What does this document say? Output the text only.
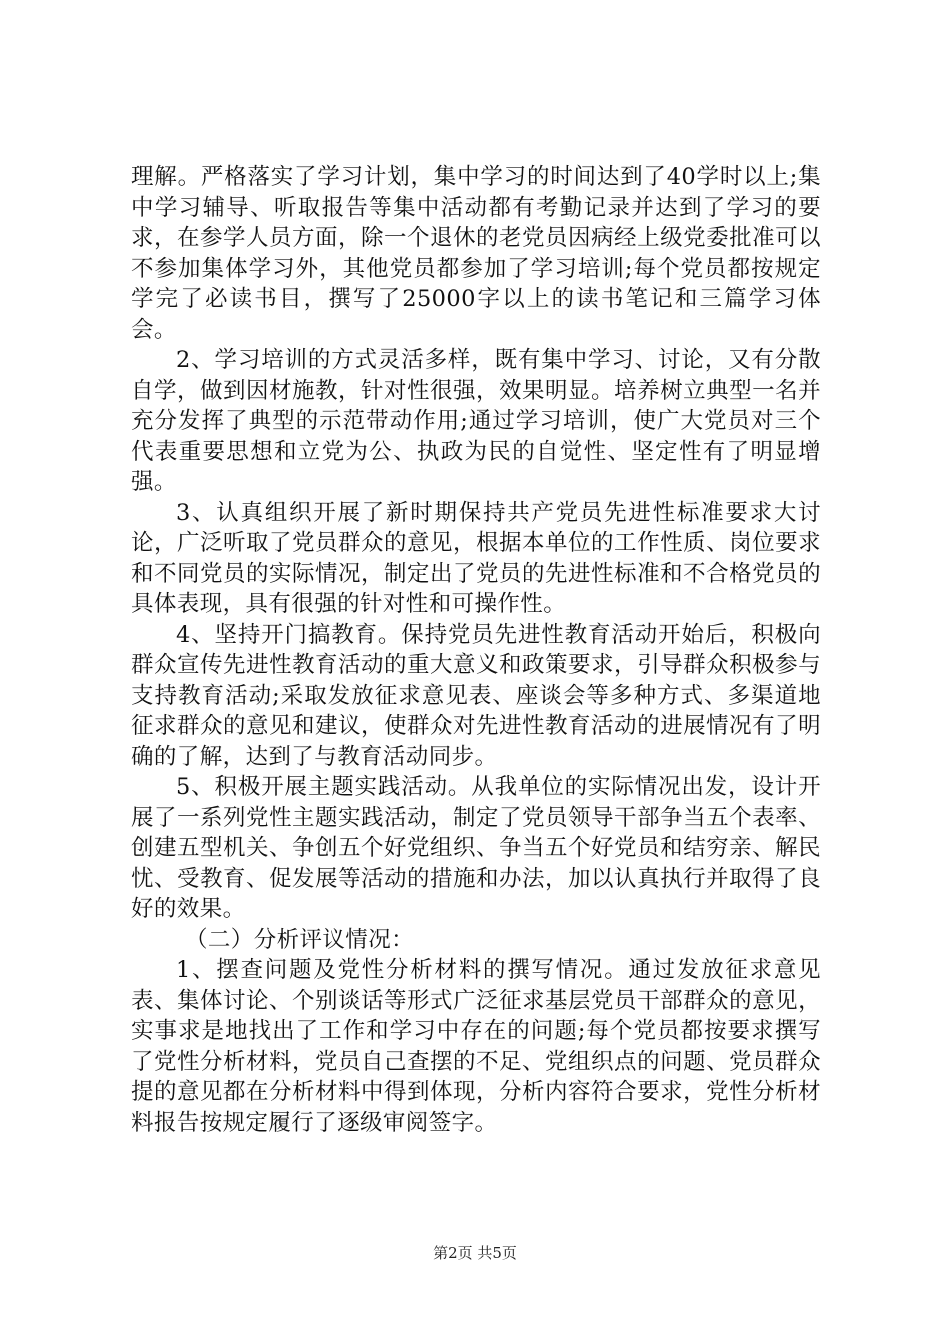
理解。严格落实了学习计划，集中学习的时间达到了40学时以上;集中学习辅导、听取报告等集中活动都有考勤记录并达到了学习的要求，在参学人员方面，除一个退休的老党员因病经上级党委批准可以不参加集体学习外，其他党员都参加了学习培训;每个党员都按规定学完了必读书目，撰写了25000字以上的读书笔记和三篇学习体会。

2、学习培训的方式灵活多样，既有集中学习、讨论，又有分散自学，做到因材施教，针对性很强，效果明显。培养树立典型一名并充分发挥了典型的示范带动作用;通过学习培训，使广大党员对三个代表重要思想和立党为公、执政为民的自觉性、坚定性有了明显增强。

3、认真组织开展了新时期保持共产党员先进性标准要求大讨论，广泛听取了党员群众的意见，根据本单位的工作性质、岗位要求和不同党员的实际情况，制定出了党员的先进性标准和不合格党员的具体表现，具有很强的针对性和可操作性。

4、坚持开门搞教育。保持党员先进性教育活动开始后，积极向群众宣传先进性教育活动的重大意义和政策要求，引导群众积极参与支持教育活动;采取发放征求意见表、座谈会等多种方式、多渠道地征求群众的意见和建议，使群众对先进性教育活动的进展情况有了明确的了解，达到了与教育活动同步。

5、积极开展主题实践活动。从我单位的实际情况出发，设计开展了一系列党性主题实践活动，制定了党员领导干部争当五个表率、创建五型机关、争创五个好党组织、争当五个好党员和结穷亲、解民忧、受教育、促发展等活动的措施和办法，加以认真执行并取得了良好的效果。

（二）分析评议情况：

1、摆查问题及党性分析材料的撰写情况。通过发放征求意见表、集体讨论、个别谈话等形式广泛征求基层党员干部群众的意见，实事求是地找出了工作和学习中存在的问题;每个党员都按要求撰写了党性分析材料，党员自己查摆的不足、党组织点的问题、党员群众提的意见都在分析材料中得到体现，分析内容符合要求，党性分析材料报告按规定履行了逐级审阅签字。

第2页 共5页
